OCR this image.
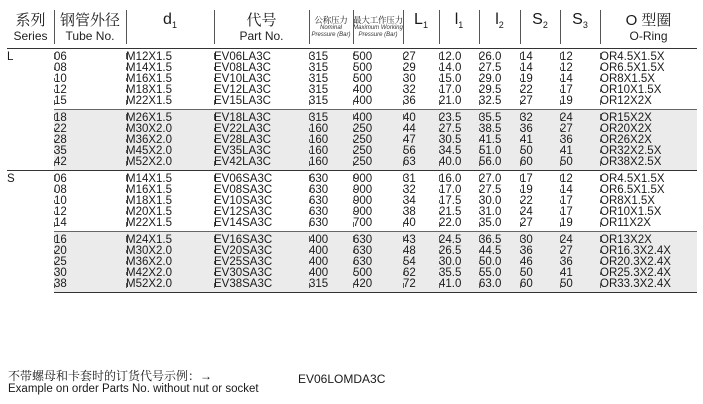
系列
Series	钢管外径
Tube No.	$d_1$	代号
Part No.	公称压力
Nominal
Pressure (Bar)	最大工作压力
Maximum Working
Pressure (Bar)	$L_1$	$l_1$	$l_2$	$S_2$	$S_3$	O 型圈
O-Ring

L	06	M12X1.5	EV06LA3C	315	500	27	12.0	26.0	14	12	OR4.5X1.5X
	08	M14X1.5	EV08LA3C	315	500	29	14.0	27.5	14	12	OR6.5X1.5X
	10	M16X1.5	EV10LA3C	315	500	30	15.0	29.0	19	14	OR8X1.5X
	12	M18X1.5	EV12LA3C	315	400	32	17.0	29.5	22	17	OR10X1.5X
	15	M22X1.5	EV15LA3C	315	400	36	21.0	32.5	27	19	OR12X2X
	18	M26X1.5	EV18LA3C	315	400	40	23.5	35.5	32	24	OR15X2X
	22	M30X2.0	EV22LA3C	160	250	44	27.5	38.5	36	27	OR20X2X
	28	M36X2.0	EV28LA3C	160	250	47	30.5	41.5	41	36	OR26X2X
	35	M45X2.0	EV35LA3C	160	250	56	34.5	51.0	50	41	OR32X2.5X
	42	M52X2.0	EV42LA3C	160	250	63	40.0	56.0	60	50	OR38X2.5X
S	06	M14X1.5	EV06SA3C	630	900	31	16.0	27.0	17	12	OR4.5X1.5X
	08	M16X1.5	EV08SA3C	630	900	32	17.0	27.5	19	14	OR6.5X1.5X
	10	M18X1.5	EV10SA3C	630	900	34	17.5	30.0	22	17	OR8X1.5X
	12	M20X1.5	EV12SA3C	630	900	38	21.5	31.0	24	17	OR10X1.5X
	14	M22X1.5	EV14SA3C	630	700	40	22.0	35.0	27	19	OR11X2X
	16	M24X1.5	EV16SA3C	400	630	43	24.5	36.5	30	24	OR13X2X
	20	M30X2.0	EV20SA3C	400	630	48	26.5	44.5	36	27	OR16.3X2.4X
	25	M36X2.0	EV25SA3C	400	630	54	30.0	50.0	46	36	OR20.3X2.4X
	30	M42X2.0	EV30SA3C	400	500	62	35.5	55.0	50	41	OR25.3X2.4X
	38	M52X2.0	EV38SA3C	315	420	72	41.0	63.0	60	50	OR33.3X2.4X
不带螺母和卡套时的订货代号示例：→
Example on order Parts No. without nut or socket
EV06LOMDA3C
